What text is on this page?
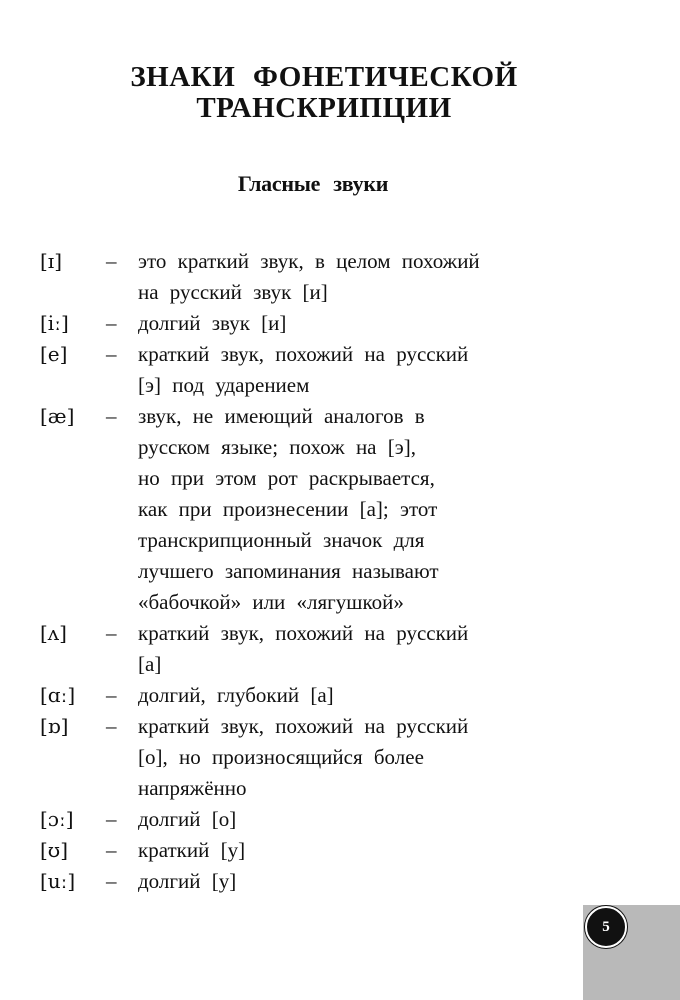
ЗНАКИ ФОНЕТИЧЕСКОЙ
ТРАНСКРИПЦИИ
Гласные звуки
[ɪ]	–	это краткий звук, в целом похожий
на русский звук [и]
[iː]	–	долгий звук [и]
[e]	–	краткий звук, похожий на русский
[э] под ударением
[æ]	–	звук, не имеющий аналогов в
русском языке; похож на [э],
но при этом рот раскрывается,
как при произнесении [а]; этот
транскрипционный значок для
лучшего запоминания называют
«бабочкой» или «лягушкой»
[ʌ]	–	краткий звук, похожий на русский
[а]
[ɑː]	–	долгий, глубокий [а]
[ɒ]	–	краткий звук, похожий на русский
[о], но произносящийся более
напряжённо
[ɔː]	–	долгий [о]
[ʊ]	–	краткий [у]
[uː]	–	долгий [у]
5
